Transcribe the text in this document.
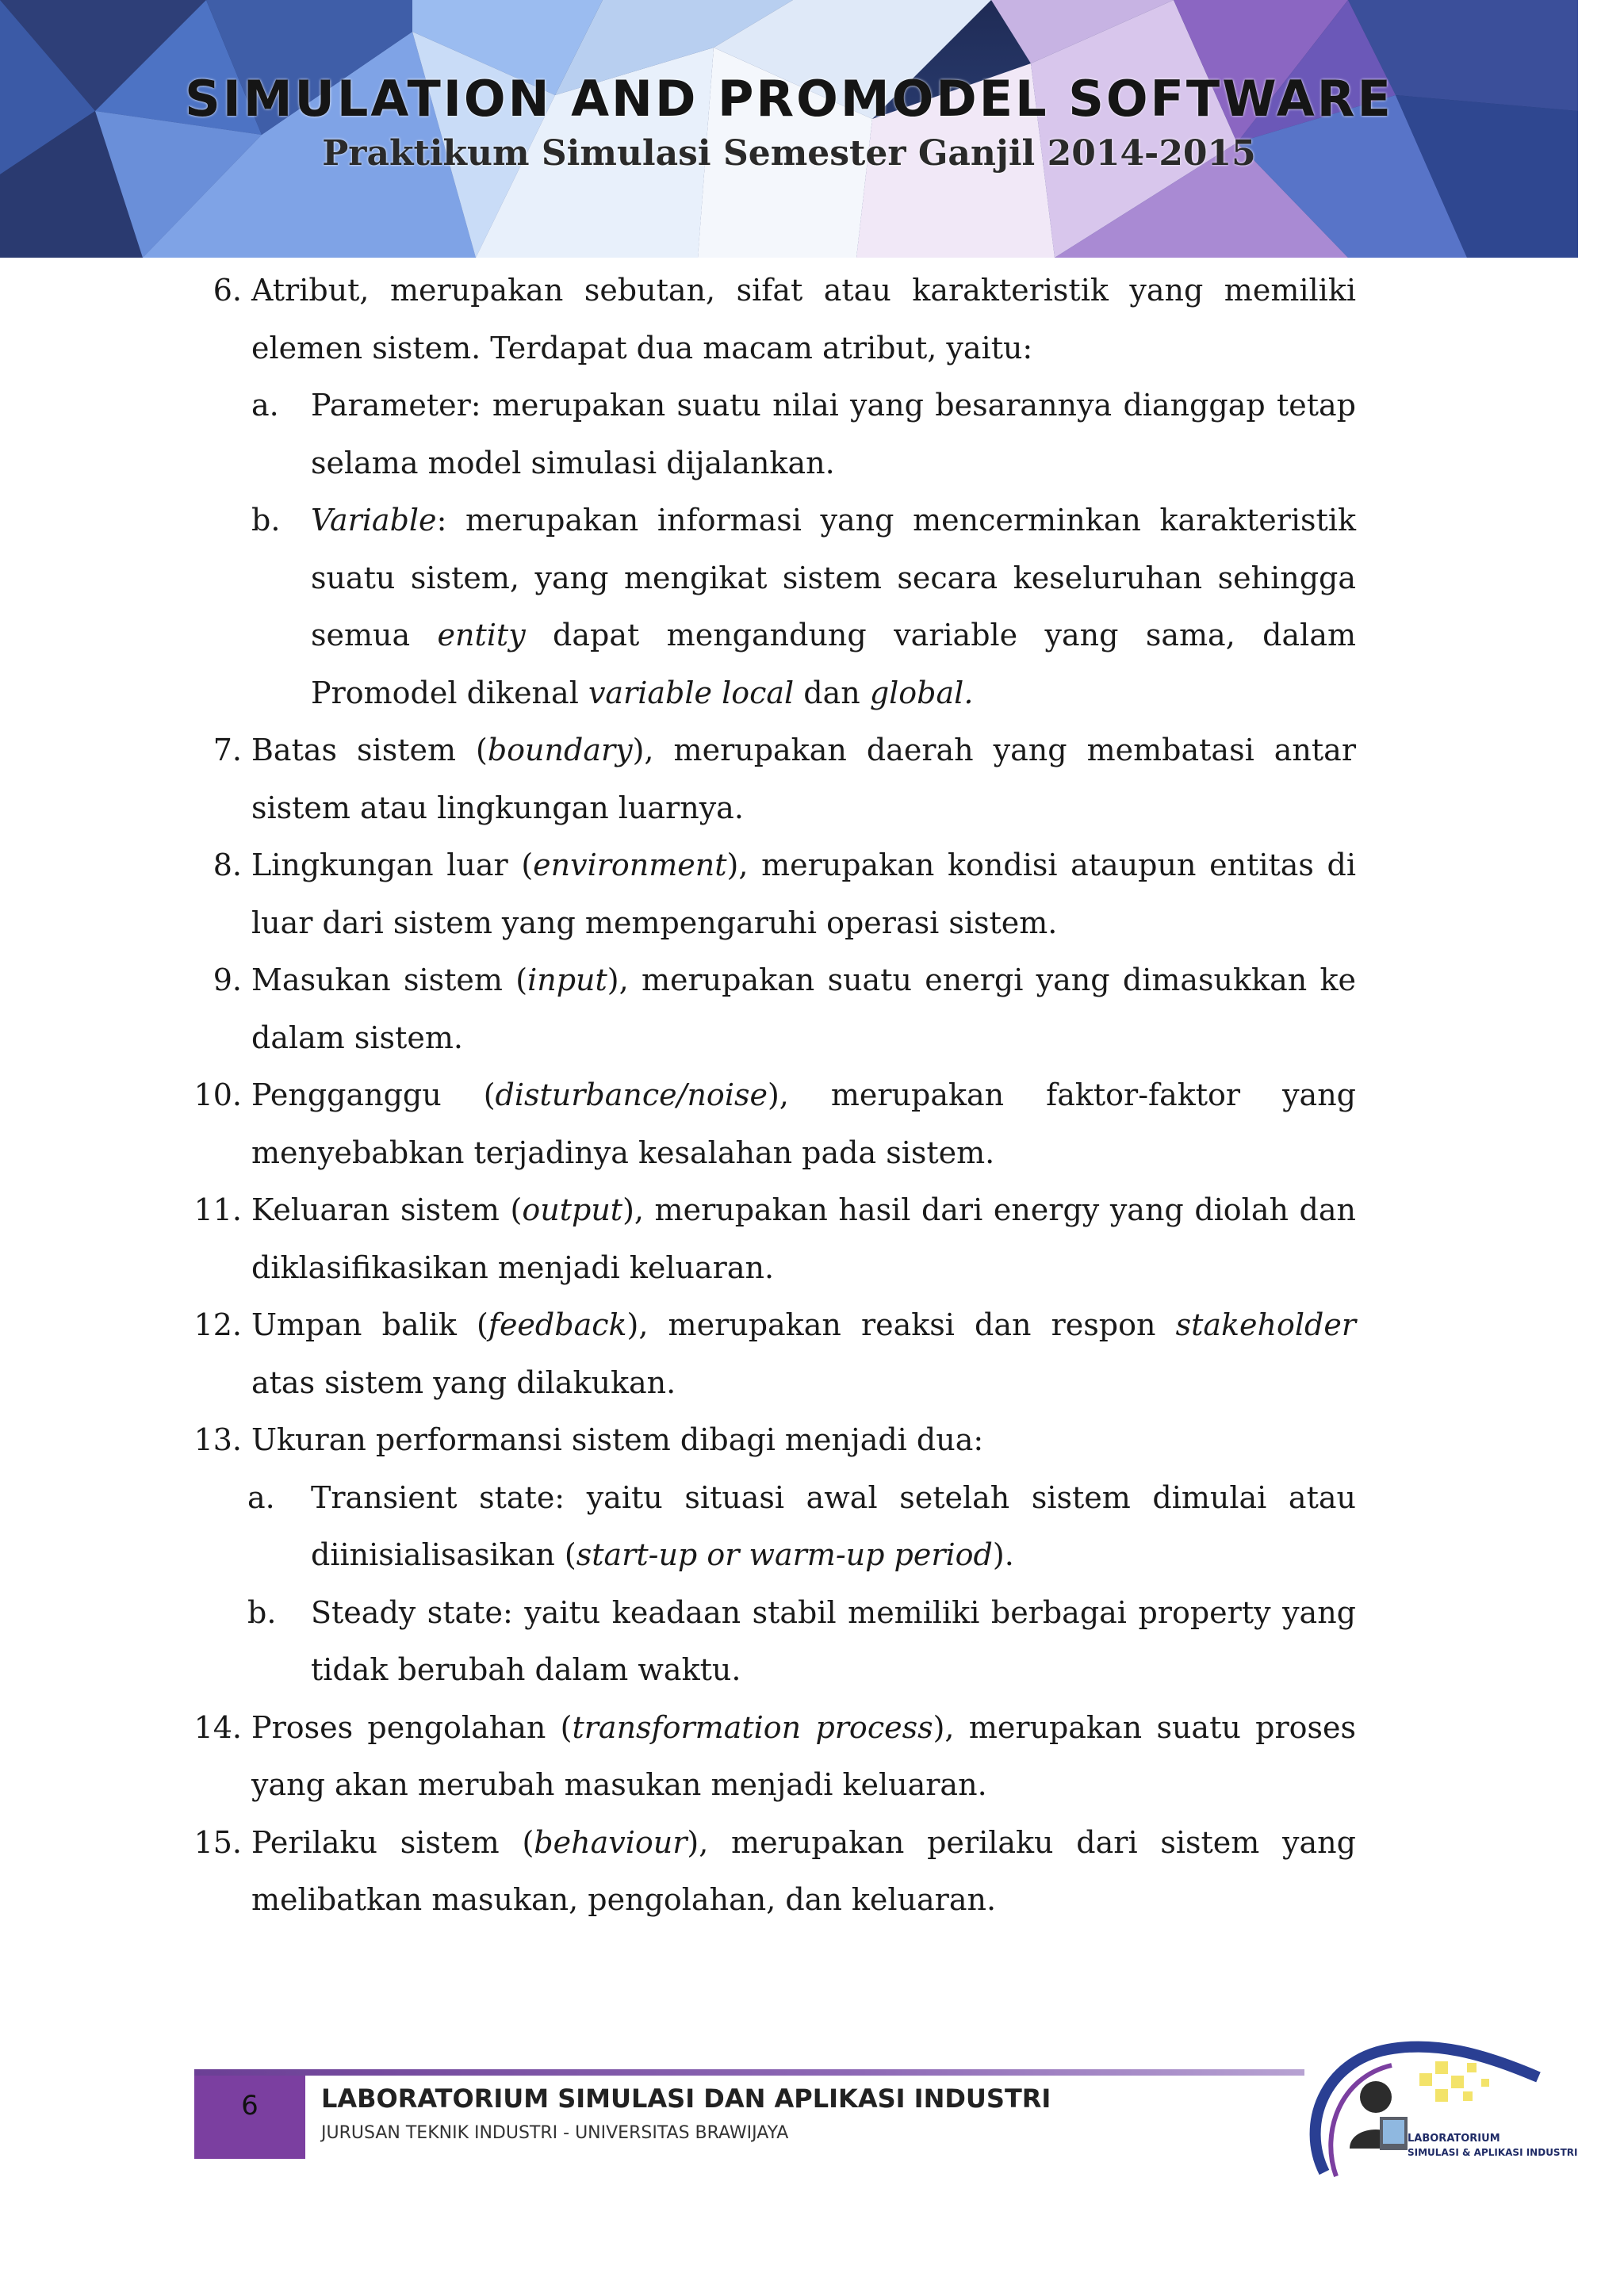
SIMULATION AND PROMODEL SOFTWARE
Praktikum Simulasi Semester Ganjil 2014-2015
6. Atribut, merupakan sebutan, sifat atau karakteristik yang memiliki elemen sistem. Terdapat dua macam atribut, yaitu:
a. Parameter: merupakan suatu nilai yang besarannya dianggap tetap selama model simulasi dijalankan.
b. Variable: merupakan informasi yang mencerminkan karakteristik suatu sistem, yang mengikat sistem secara keseluruhan sehingga semua entity dapat mengandung variable yang sama, dalam Promodel dikenal variable local dan global.
7. Batas sistem (boundary), merupakan daerah yang membatasi antar sistem atau lingkungan luarnya.
8. Lingkungan luar (environment), merupakan kondisi ataupun entitas di luar dari sistem yang mempengaruhi operasi sistem.
9. Masukan sistem (input), merupakan suatu energi yang dimasukkan ke dalam sistem.
10. Pengganggu (disturbance/noise), merupakan faktor-faktor yang menyebabkan terjadinya kesalahan pada sistem.
11. Keluaran sistem (output), merupakan hasil dari energy yang diolah dan diklasifikasikan menjadi keluaran.
12. Umpan balik (feedback), merupakan reaksi dan respon stakeholder atas sistem yang dilakukan.
13. Ukuran performansi sistem dibagi menjadi dua:
a.	Transient state: yaitu situasi awal setelah sistem dimulai atau diinisialisasikan (start-up or warm-up period).
b.	Steady state: yaitu keadaan stabil memiliki berbagai property yang tidak berubah dalam waktu.
14. Proses pengolahan (transformation process), merupakan suatu proses yang akan merubah masukan menjadi keluaran.
15. Perilaku sistem (behaviour), merupakan perilaku dari sistem yang melibatkan masukan, pengolahan, dan keluaran.
6	LABORATORIUM SIMULASI DAN APLIKASI INDUSTRI
JURUSAN TEKNIK INDUSTRI - UNIVERSITAS BRAWIJAYA	LABORATORIUM
SIMULASI & APLIKASI INDUSTRI
